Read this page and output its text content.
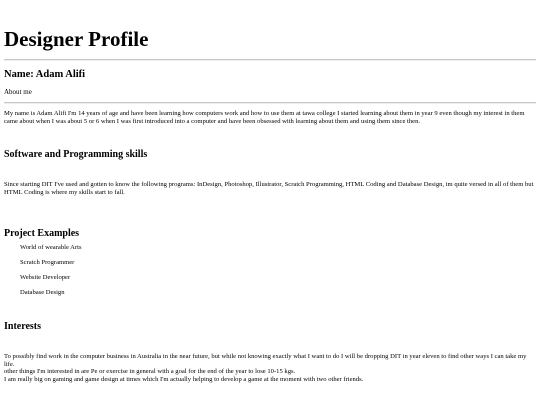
Designer Profile
Name: Adam Alifi

About me

My name is Adam Alifi I'm 14 years of age and have been learning how computers work and how to use them at tawa college I started learning about them in year 9 even though my interest in them came about when I was about 5 or 6 when I was first introduced into a computer and have been obsessed with learning about them and using them since then.

Software and Programming skills

Since starting DIT I've used and gotten to know the following programs: InDesign, Photoshop, Illustrator, Scratch Programming, HTML Coding and Database Design, im quite versed in all of them but HTML Coding is where my skills start to fall.

Project Examples
World of wearable Arts
Scratch Programmer
Website Developer
Database Design
Interests

To possibly find work in the computer business in Australia in the near future, but while not knowing exactly what I want to do I will be dropping DIT in year eleven to find other ways I can take my life.
other things I'm interested in are Pe or exercise in general with a goal for the end of the year to lose 10-15 kgs.
I am really big on gaming and game design at times which I'm actually helping to develop a game at the moment with two other friends.
